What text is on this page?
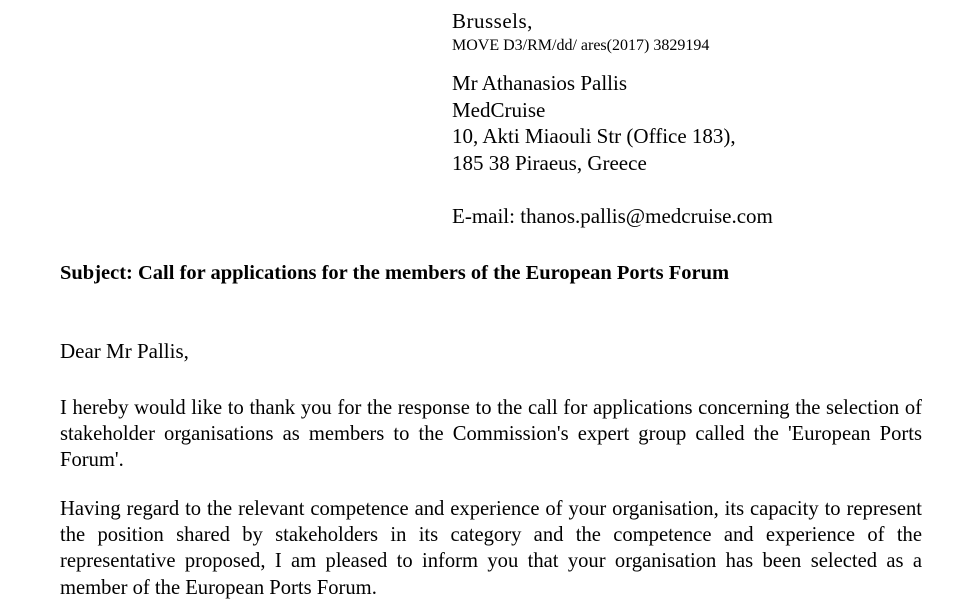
Brussels,
MOVE D3/RM/dd/ ares(2017) 3829194
Mr Athanasios Pallis
MedCruise
10, Akti Miaouli Str (Office 183),
185 38 Piraeus, Greece
E-mail: thanos.pallis@medcruise.com
Subject: Call for applications for the members of the European Ports Forum
Dear Mr Pallis,
I hereby would like to thank you for the response to the call for applications concerning the selection of stakeholder organisations as members to the Commission's expert group called the 'European Ports Forum'.
Having regard to the relevant competence and experience of your organisation, its capacity to represent the position shared by stakeholders in its category and the competence and experience of the representative proposed, I am pleased to inform you that your organisation has been selected as a member of the European Ports Forum.
